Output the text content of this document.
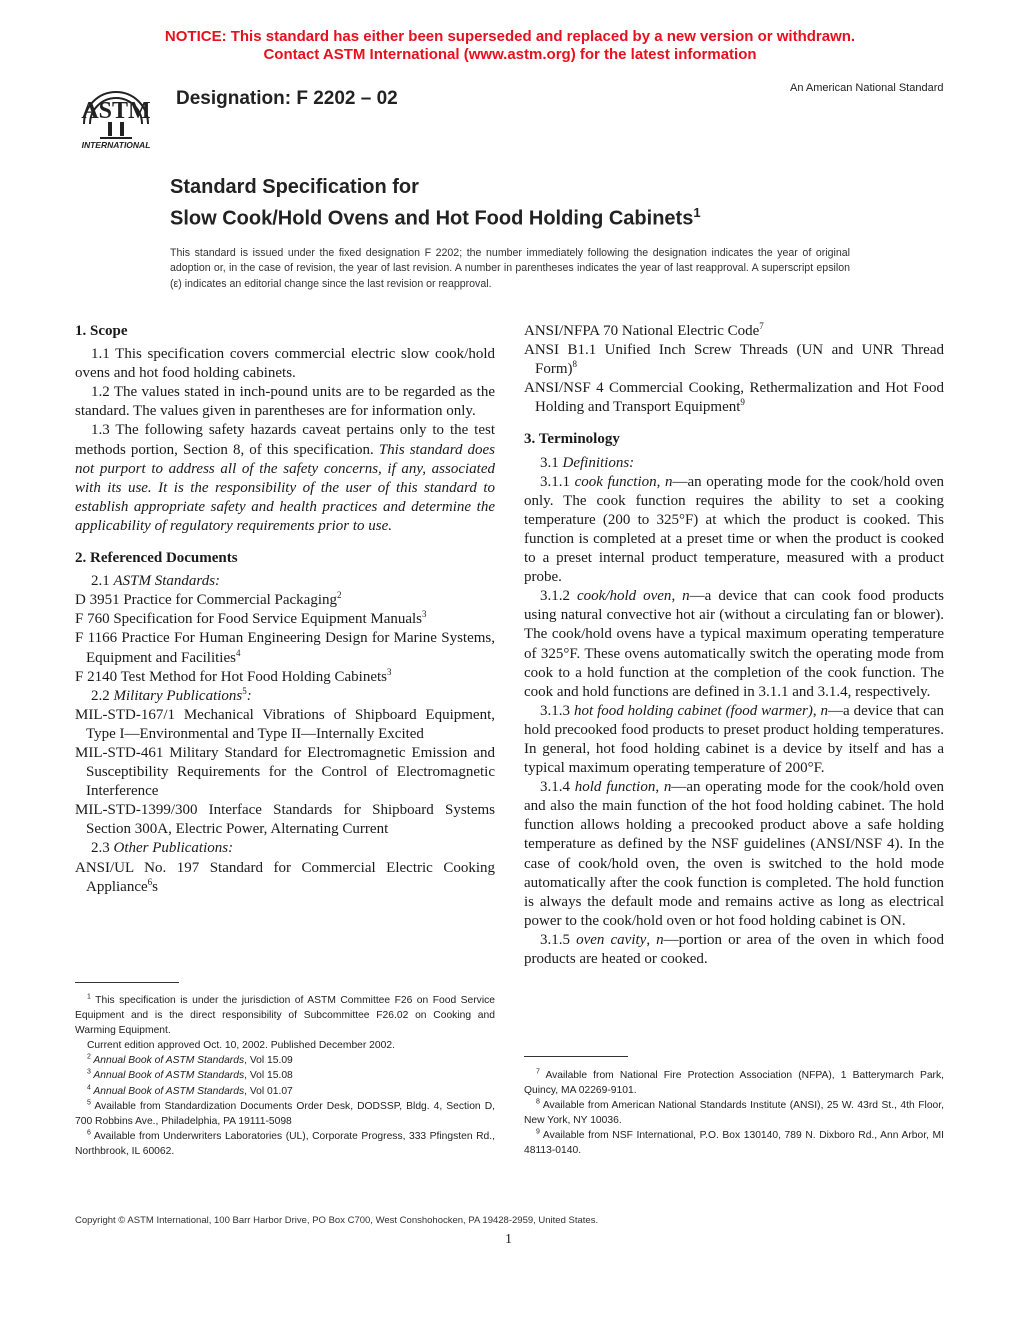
NOTICE: This standard has either been superseded and replaced by a new version or withdrawn.
Contact ASTM International (www.astm.org) for the latest information
ASTM
INTERNATIONAL
Designation: F 2202 – 02	An American National Standard
Standard Specification for
Slow Cook/Hold Ovens and Hot Food Holding Cabinets$^1$
This standard is issued under the fixed designation F 2202; the number immediately following the designation indicates the year of original adoption or, in the case of revision, the year of last revision. A number in parentheses indicates the year of last reapproval. A superscript epsilon (ε) indicates an editorial change since the last revision or reapproval.
1. Scope

1.1 This specification covers commercial electric slow cook/hold ovens and hot food holding cabinets.

1.2 The values stated in inch-pound units are to be regarded as the standard. The values given in parentheses are for information only.

1.3 The following safety hazards caveat pertains only to the test methods portion, Section 8, of this specification. This standard does not purport to address all of the safety concerns, if any, associated with its use. It is the responsibility of the user of this standard to establish appropriate safety and health practices and determine the applicability of regulatory requirements prior to use.

2. Referenced Documents

2.1 ASTM Standards:

D 3951 Practice for Commercial Packaging$^2$

F 760 Specification for Food Service Equipment Manuals$^3$

F 1166 Practice For Human Engineering Design for Marine Systems, Equipment and Facilities$^4$

F 2140 Test Method for Hot Food Holding Cabinets$^3$

2.2 Military Publications$^5$:

MIL-STD-167/1 Mechanical Vibrations of Shipboard Equipment, Type I—Environmental and Type II—Internally Excited

MIL-STD-461 Military Standard for Electromagnetic Emission and Susceptibility Requirements for the Control of Electromagnetic Interference

MIL-STD-1399/300 Interface Standards for Shipboard Systems Section 300A, Electric Power, Alternating Current

2.3 Other Publications:

ANSI/UL No. 197 Standard for Commercial Electric Cooking Appliance$^6$s

$^1$ This specification is under the jurisdiction of ASTM Committee F26 on Food Service Equipment and is the direct responsibility of Subcommittee F26.02 on Cooking and Warming Equipment.

Current edition approved Oct. 10, 2002. Published December 2002.

$^2$ Annual Book of ASTM Standards, Vol 15.09

$^3$ Annual Book of ASTM Standards, Vol 15.08

$^4$ Annual Book of ASTM Standards, Vol 01.07

$^5$ Available from Standardization Documents Order Desk, DODSSP, Bldg. 4, Section D, 700 Robbins Ave., Philadelphia, PA 19111-5098

$^6$ Available from Underwriters Laboratories (UL), Corporate Progress, 333 Pfingsten Rd., Northbrook, IL 60062.

ANSI/NFPA 70 National Electric Code$^7$

ANSI B1.1 Unified Inch Screw Threads (UN and UNR Thread Form)$^8$

ANSI/NSF 4 Commercial Cooking, Rethermalization and Hot Food Holding and Transport Equipment$^9$

3. Terminology

3.1 Definitions:

3.1.1 cook function, n—an operating mode for the cook/hold oven only. The cook function requires the ability to set a cooking temperature (200 to 325°F) at which the product is cooked. This function is completed at a preset time or when the product is cooked to a preset internal product temperature, measured with a product probe.

3.1.2 cook/hold oven, n—a device that can cook food products using natural convective hot air (without a circulating fan or blower). The cook/hold ovens have a typical maximum operating temperature of 325°F. These ovens automatically switch the operating mode from cook to a hold function at the completion of the cook function. The cook and hold functions are defined in 3.1.1 and 3.1.4, respectively.

3.1.3 hot food holding cabinet (food warmer), n—a device that can hold precooked food products to preset product holding temperatures. In general, hot food holding cabinet is a device by itself and has a typical maximum operating temperature of 200°F.

3.1.4 hold function, n—an operating mode for the cook/hold oven and also the main function of the hot food holding cabinet. The hold function allows holding a precooked product above a safe holding temperature as defined by the NSF guidelines (ANSI/NSF 4). In the case of cook/hold oven, the oven is switched to the hold mode automatically after the cook function is completed. The hold function is always the default mode and remains active as long as electrical power to the cook/hold oven or hot food holding cabinet is ON.

3.1.5 oven cavity, n—portion or area of the oven in which food products are heated or cooked.

$^7$ Available from National Fire Protection Association (NFPA), 1 Batterymarch Park, Quincy, MA 02269-9101.

$^8$ Available from American National Standards Institute (ANSI), 25 W. 43rd St., 4th Floor, New York, NY 10036.

$^9$ Available from NSF International, P.O. Box 130140, 789 N. Dixboro Rd., Ann Arbor, MI 48113-0140.

Copyright © ASTM International, 100 Barr Harbor Drive, PO Box C700, West Conshohocken, PA 19428-2959, United States.
1
